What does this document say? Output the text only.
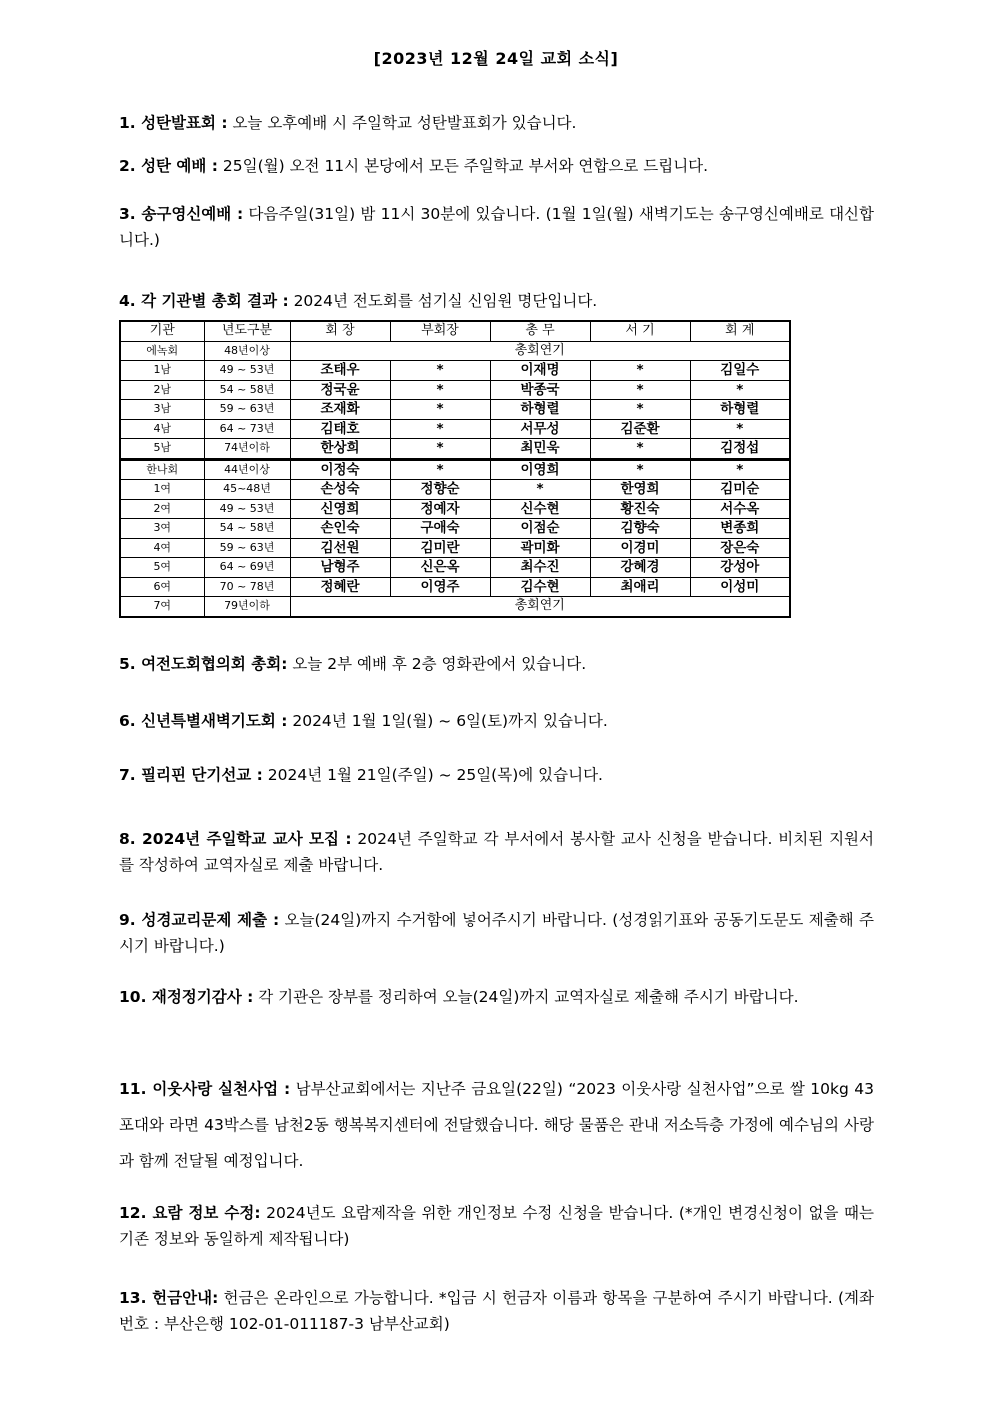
[2023년 12월 24일 교회 소식]
1. 성탄발표회 : 오늘 오후예배 시 주일학교 성탄발표회가 있습니다.
2. 성탄 예배 : 25일(월) 오전 11시 본당에서 모든 주일학교 부서와 연합으로 드립니다.
3. 송구영신예배 : 다음주일(31일) 밤 11시 30분에 있습니다. (1월 1일(월) 새벽기도는 송구영신예배로 대신합니다.)
4. 각 기관별 총회 결과 : 2024년 전도회를 섬기실 신임원 명단입니다.
기관	년도구분	회 장	부회장	총 무	서 기	회 계
에녹회	48년이상	총회연기				
1남	49 ~ 53년	조태우	*	이재명	*	김일수
2남	54 ~ 58년	정국윤	*	박종국	*	*
3남	59 ~ 63년	조재화	*	하형렬	*	하형렬
4남	64 ~ 73년	김태호	*	서무성	김준환	*
5남	74년이하	한상희	*	최민욱	*	김정섭
한나회	44년이상	이정숙	*	이영희	*	*
1여	45~48년	손성숙	정향순	*	한영희	김미순
2여	49 ~ 53년	신영희	정예자	신수현	황진숙	서수옥
3여	54 ~ 58년	손인숙	구애숙	이점순	김향숙	변종희
4여	59 ~ 63년	김선원	김미란	곽미화	이경미	장은숙
5여	64 ~ 69년	남형주	신은옥	최수진	강혜경	강성아
6여	70 ~ 78년	정혜란	이영주	김수현	최애리	이성미
7여	79년이하	총회연기				
5. 여전도회협의회 총회: 오늘 2부 예배 후 2층 영화관에서 있습니다.
6. 신년특별새벽기도회 : 2024년 1월 1일(월) ~ 6일(토)까지 있습니다.
7. 필리핀 단기선교 : 2024년 1월 21일(주일) ~ 25일(목)에 있습니다.
8. 2024년 주일학교 교사 모집 : 2024년 주일학교 각 부서에서 봉사할 교사 신청을 받습니다. 비치된 지원서를 작성하여 교역자실로 제출 바랍니다.
9. 성경교리문제 제출 : 오늘(24일)까지 수거함에 넣어주시기 바랍니다. (성경읽기표와 공동기도문도 제출해 주시기 바랍니다.)
10. 재정정기감사 : 각 기관은 장부를 정리하여 오늘(24일)까지 교역자실로 제출해 주시기 바랍니다.
11. 이웃사랑 실천사업 : 남부산교회에서는 지난주 금요일(22일) “2023 이웃사랑 실천사업”으로 쌀 10kg 43포대와 라면 43박스를 남천2동 행복복지센터에 전달했습니다. 해당 물품은 관내 저소득층 가정에 예수님의 사랑과 함께 전달될 예정입니다.
12. 요람 정보 수정: 2024년도 요람제작을 위한 개인정보 수정 신청을 받습니다. (*개인 변경신청이 없을 때는 기존 정보와 동일하게 제작됩니다)
13. 헌금안내: 헌금은 온라인으로 가능합니다. *입금 시 헌금자 이름과 항목을 구분하여 주시기 바랍니다. (계좌번호 : 부산은행 102-01-011187-3 남부산교회)
